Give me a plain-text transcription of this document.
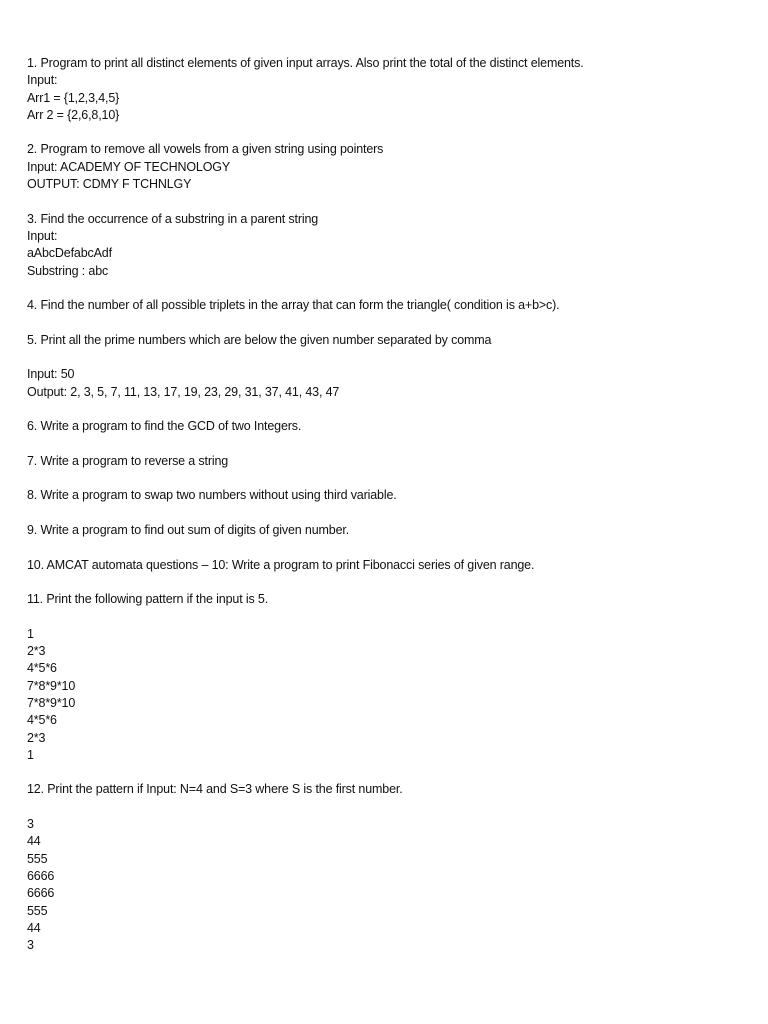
1. Program to print all distinct elements of given input arrays. Also print the total of the distinct elements.
Input:
Arr1 = {1,2,3,4,5}
Arr 2 = {2,6,8,10}
2. Program to remove all vowels from a given string using pointers
Input: ACADEMY OF TECHNOLOGY
OUTPUT: CDMY F TCHNLGY
3. Find the occurrence of a substring in a parent string
Input:
aAbcDefabcAdf
Substring : abc
4. Find the number of all possible triplets in the array that can form the triangle( condition is a+b>c).
5. Print all the prime numbers which are below the given number separated by comma
Input: 50
Output: 2, 3, 5, 7, 11, 13, 17, 19, 23, 29, 31, 37, 41, 43, 47
6. Write a program to find the GCD of two Integers.
7. Write a program to reverse a string
8. Write a program to swap two numbers without using third variable.
9. Write a program to find out sum of digits of given number.
10. AMCAT automata questions – 10: Write a program to print Fibonacci series of given range.
11. Print the following pattern if the input is 5.
1
2*3
4*5*6
7*8*9*10
7*8*9*10
4*5*6
2*3
1
12. Print the pattern if Input: N=4 and S=3 where S is the first number.
3
44
555
6666
6666
555
44
3
